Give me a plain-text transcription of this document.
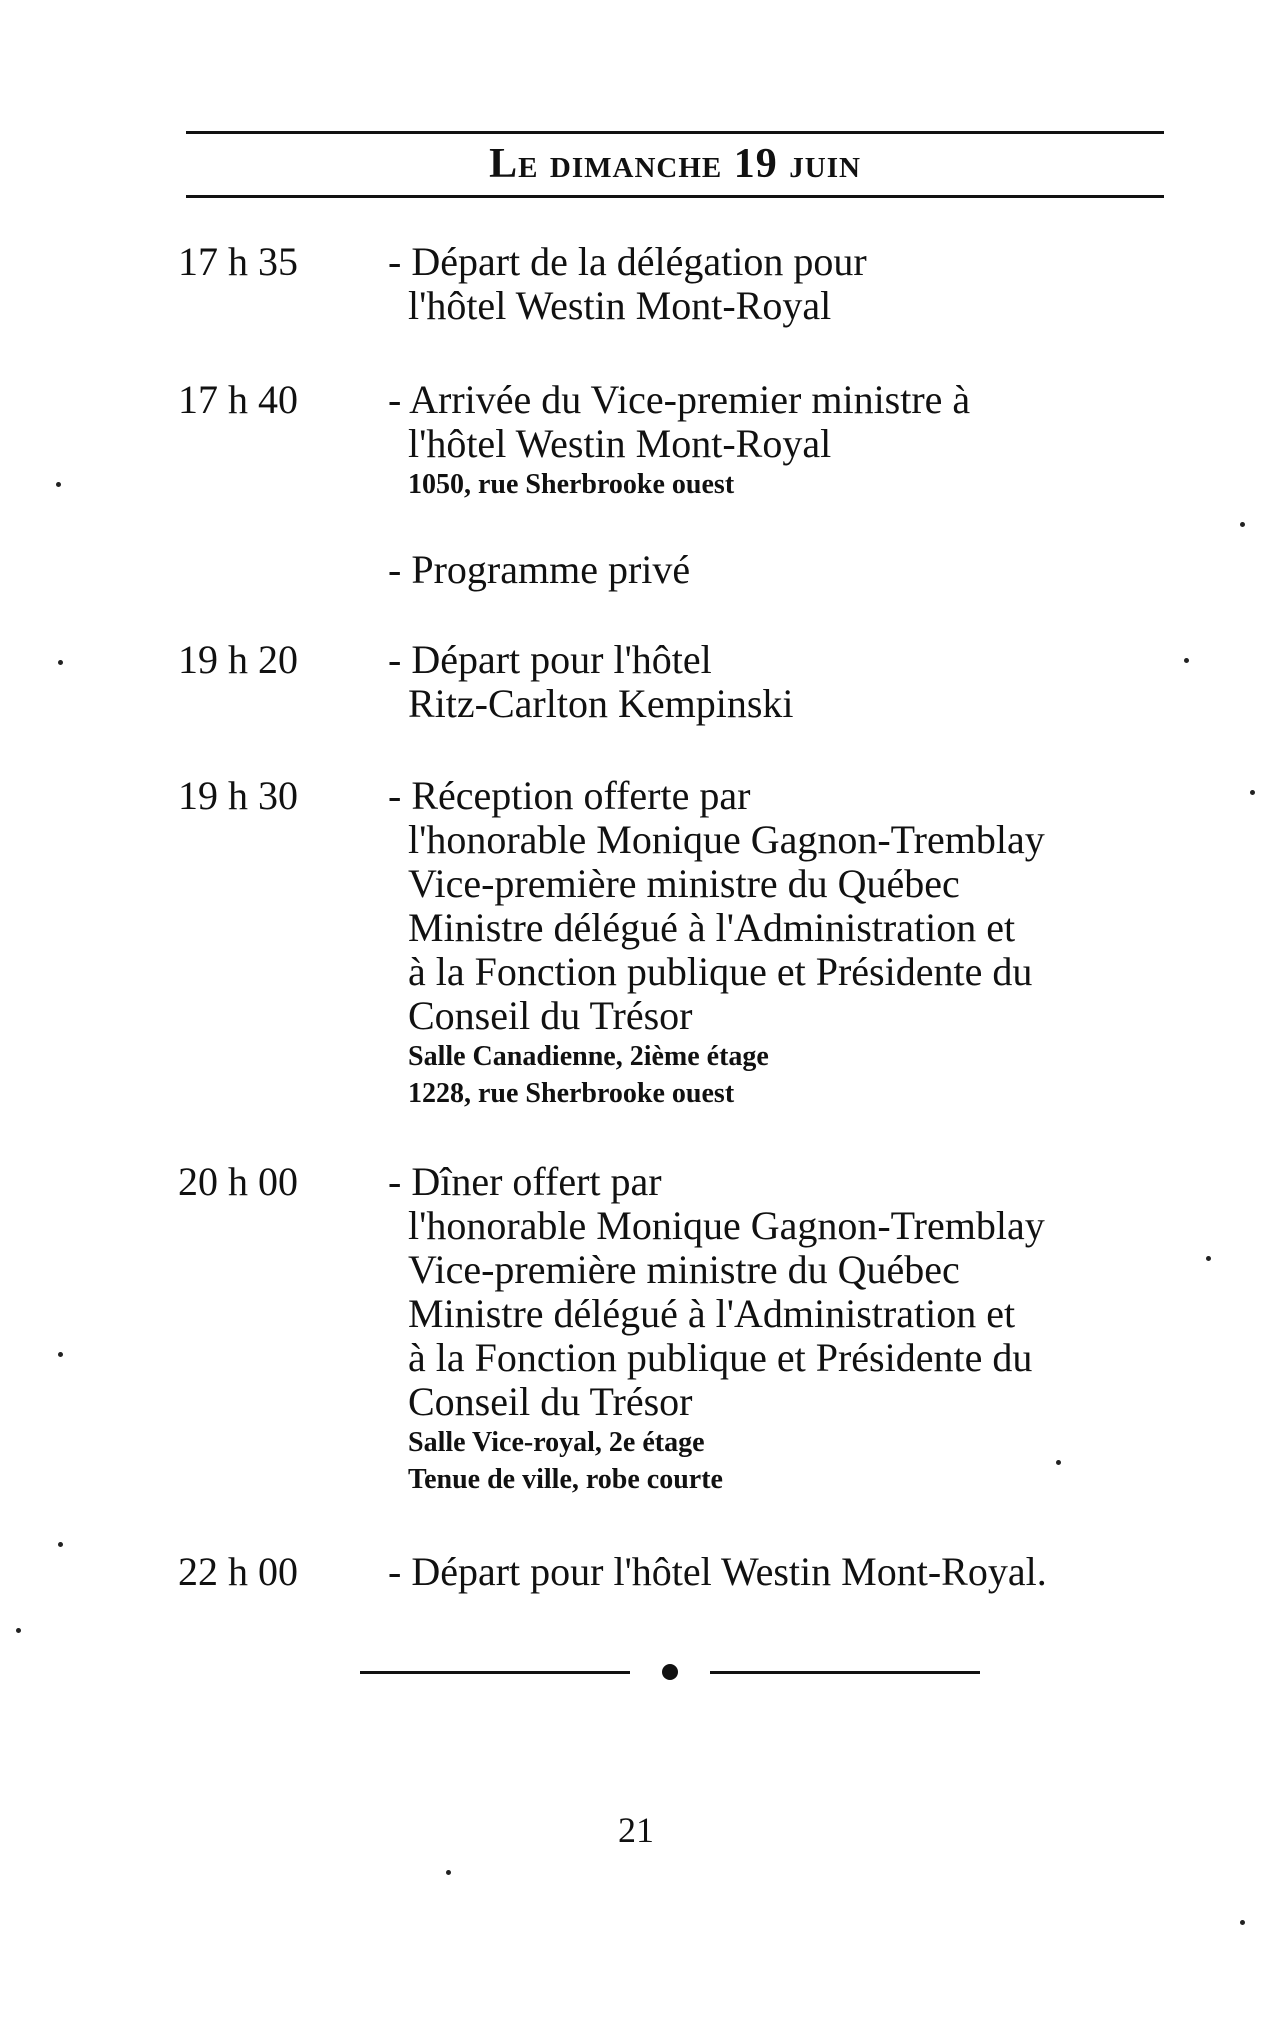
Le dimanche 19 juin
17 h 35	- Départ de la délégation pour
l'hôtel Westin Mont-Royal
17 h 40	- Arrivée du Vice-premier ministre à
l'hôtel Westin Mont-Royal
1050, rue Sherbrooke ouest
- Programme privé
19 h 20	- Départ pour l'hôtel
Ritz-Carlton Kempinski
19 h 30	- Réception offerte par
l'honorable Monique Gagnon-Tremblay
Vice-première ministre du Québec
Ministre délégué à l'Administration et
à la Fonction publique et Présidente du
Conseil du Trésor
Salle Canadienne, 2ième étage
1228, rue Sherbrooke ouest
20 h 00	- Dîner offert par
l'honorable Monique Gagnon-Tremblay
Vice-première ministre du Québec
Ministre délégué à l'Administration et
à la Fonction publique et Présidente du
Conseil du Trésor
Salle Vice-royal, 2e étage
Tenue de ville, robe courte
22 h 00	- Départ pour l'hôtel Westin Mont-Royal.
21
